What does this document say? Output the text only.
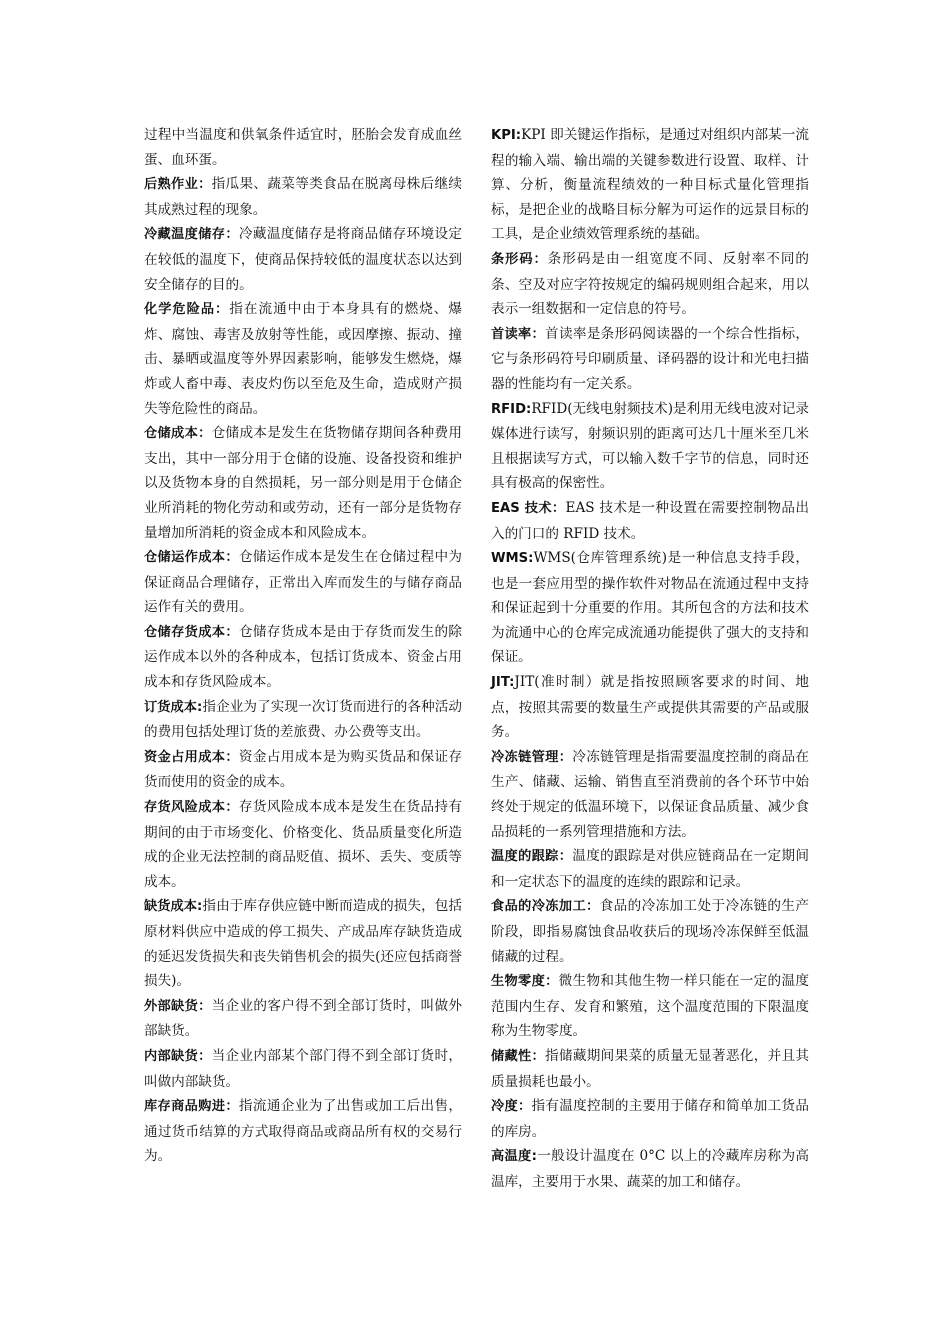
过程中当温度和供氧条件适宜时，胚胎会发育成血丝蛋、血环蛋。

后熟作业：指瓜果、蔬菜等类食品在脱离母株后继续其成熟过程的现象。

冷藏温度储存：冷藏温度储存是将商品储存环境设定在较低的温度下，使商品保持较低的温度状态以达到安全储存的目的。

化学危险品：指在流通中由于本身具有的燃烧、爆炸、腐蚀、毒害及放射等性能，或因摩擦、振动、撞击、暴晒或温度等外界因素影响，能够发生燃烧，爆炸或人畜中毒、表皮灼伤以至危及生命，造成财产损失等危险性的商品。

仓储成本：仓储成本是发生在货物储存期间各种费用支出，其中一部分用于仓储的设施、设备投资和维护以及货物本身的自然损耗，另一部分则是用于仓储企业所消耗的物化劳动和或劳动，还有一部分是货物存量增加所消耗的资金成本和风险成本。

仓储运作成本：仓储运作成本是发生在仓储过程中为保证商品合理储存，正常出入库而发生的与储存商品运作有关的费用。

仓储存货成本：仓储存货成本是由于存货而发生的除运作成本以外的各种成本，包括订货成本、资金占用成本和存货风险成本。

订货成本:指企业为了实现一次订货而进行的各种活动的费用包括处理订货的差旅费、办公费等支出。

资金占用成本：资金占用成本是为购买货品和保证存货而使用的资金的成本。

存货风险成本：存货风险成本成本是发生在货品持有期间的由于市场变化、价格变化、货品质量变化所造成的企业无法控制的商品贬值、损坏、丢失、变质等成本。

缺货成本:指由于库存供应链中断而造成的损失，包括原材料供应中造成的停工损失、产成品库存缺货造成的延迟发货损失和丧失销售机会的损失(还应包括商誉损失)。

外部缺货：当企业的客户得不到全部订货时，叫做外部缺货。

内部缺货：当企业内部某个部门得不到全部订货时，叫做内部缺货。

库存商品购进：指流通企业为了出售或加工后出售，通过货币结算的方式取得商品或商品所有权的交易行为。

KPI:KPI 即关键运作指标，是通过对组织内部某一流程的输入端、输出端的关键参数进行设置、取样、计算、分析，衡量流程绩效的一种目标式量化管理指标，是把企业的战略目标分解为可运作的远景目标的工具，是企业绩效管理系统的基础。

条形码：条形码是由一组宽度不同、反射率不同的条、空及对应字符按规定的编码规则组合起来，用以表示一组数据和一定信息的符号。

首读率：首读率是条形码阅读器的一个综合性指标，它与条形码符号印刷质量、译码器的设计和光电扫描器的性能均有一定关系。

RFID:RFID(无线电射频技术)是利用无线电波对记录媒体进行读写，射频识别的距离可达几十厘米至几米且根据读写方式，可以输入数千字节的信息，同时还具有极高的保密性。

EAS 技术：EAS 技术是一种设置在需要控制物品出入的门口的 RFID 技术。

WMS:WMS(仓库管理系统)是一种信息支持手段，也是一套应用型的操作软件对物品在流通过程中支持和保证起到十分重要的作用。其所包含的方法和技术为流通中心的仓库完成流通功能提供了强大的支持和保证。

JIT:JIT(准时制）就是指按照顾客要求的时间、地点，按照其需要的数量生产或提供其需要的产品或服务。

冷冻链管理：冷冻链管理是指需要温度控制的商品在生产、储藏、运输、销售直至消费前的各个环节中始终处于规定的低温环境下，以保证食品质量、减少食品损耗的一系列管理措施和方法。

温度的跟踪：温度的跟踪是对供应链商品在一定期间和一定状态下的温度的连续的跟踪和记录。

食品的冷冻加工：食品的冷冻加工处于冷冻链的生产阶段，即指易腐蚀食品收获后的现场冷冻保鲜至低温储藏的过程。

生物零度：微生物和其他生物一样只能在一定的温度范围内生存、发育和繁殖，这个温度范围的下限温度称为生物零度。

储藏性：指储藏期间果菜的质量无显著恶化，并且其质量损耗也最小。

冷度：指有温度控制的主要用于储存和简单加工货品的库房。

高温度:一般设计温度在 0°C 以上的冷藏库房称为高温库，主要用于水果、蔬菜的加工和储存。
